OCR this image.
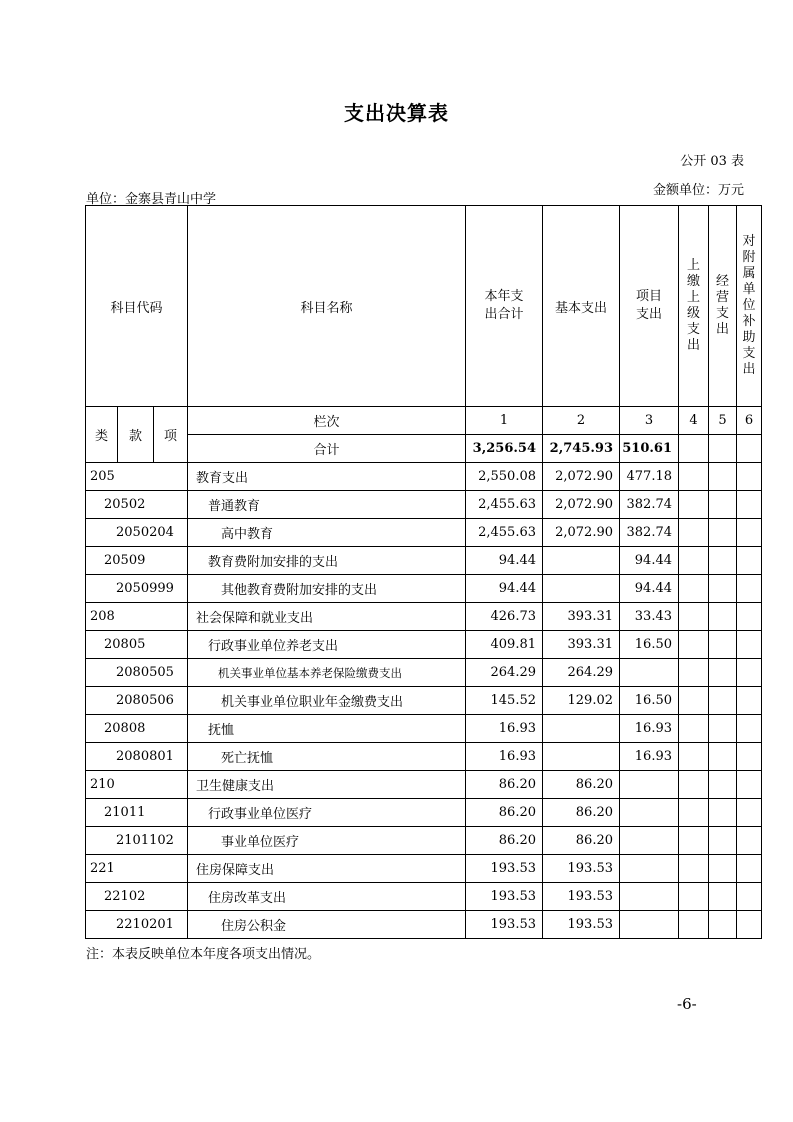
支出决算表
公开 03 表
金额单位：万元
单位：金寨县青山中学
科目代码			科目名称	本年支出合计	基本支出	项目支出	上缴上级支出	经营支出	对附属单位补助支出
类	款	项	栏次	1	2	3	4	5	6
			合计	3,256.54	2,745.93	510.61			
205			教育支出	2,550.08	2,072.90	477.18			
20502			普通教育	2,455.63	2,072.90	382.74			
2050204			高中教育	2,455.63	2,072.90	382.74			
20509			教育费附加安排的支出	94.44		94.44			
2050999			其他教育费附加安排的支出	94.44		94.44			
208			社会保障和就业支出	426.73	393.31	33.43			
20805			行政事业单位养老支出	409.81	393.31	16.50			
2080505			机关事业单位基本养老保险缴费支出	264.29	264.29				
2080506			机关事业单位职业年金缴费支出	145.52	129.02	16.50			
20808			抚恤	16.93		16.93			
2080801			死亡抚恤	16.93		16.93			
210			卫生健康支出	86.20	86.20				
21011			行政事业单位医疗	86.20	86.20				
2101102			事业单位医疗	86.20	86.20				
221			住房保障支出	193.53	193.53				
22102			住房改革支出	193.53	193.53				
2210201			住房公积金	193.53	193.53				
注：本表反映单位本年度各项支出情况。
-6-
